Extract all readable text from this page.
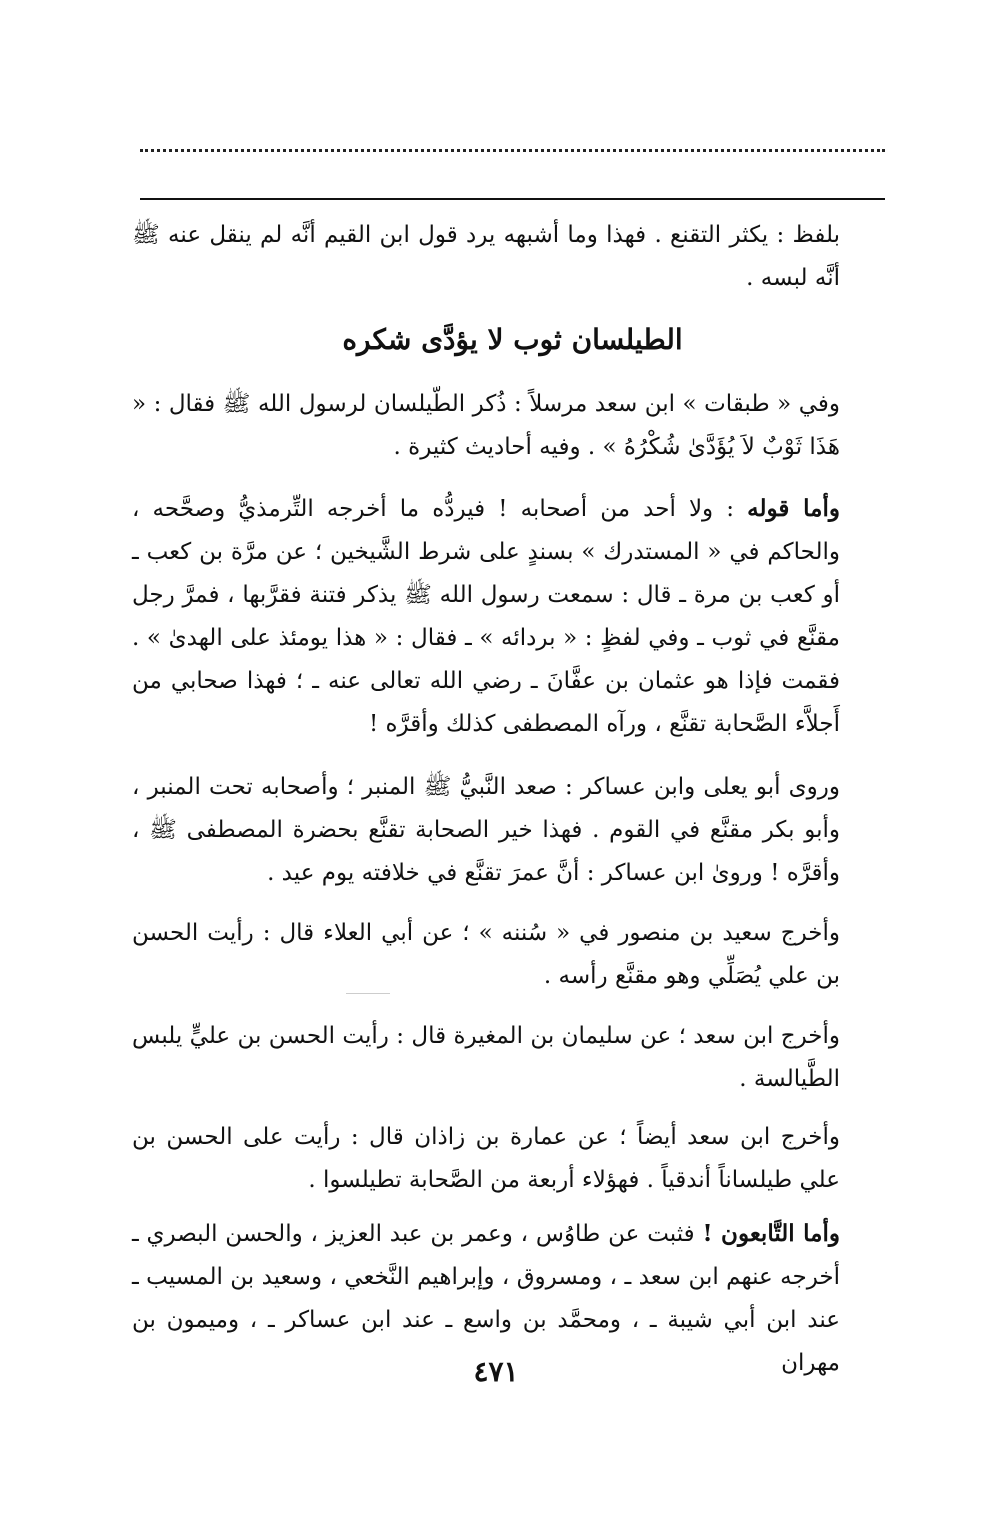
بلفظ : يكثر التقنع . فهذا وما أشبهه يرد قول ابن القيم أنَّه لم ينقل عنه ﷺ أنَّه لبسه .

الطيلسان ثوب لا يؤدَّى شكره

وفي « طبقات » ابن سعد مرسلاً : ذُكر الطّيلسان لرسول الله ﷺ فقال : « هَذَا ثَوْبٌ لاَ يُؤَدَّىٰ شُكْرُهُ » . وفيه أحاديث كثيرة .

وأما قوله : ولا أحد من أصحابه ! فيردُّه ما أخرجه التِّرمذيُّ وصحَّحه ، والحاكم في « المستدرك » بسندٍ على شرط الشَّيخين ؛ عن مرَّة بن كعب ـ أو كعب بن مرة ـ قال : سمعت رسول الله ﷺ يذكر فتنة فقرَّبها ، فمرَّ رجل مقنَّع في ثوب ـ وفي لفظٍ : « بردائه » ـ فقال : « هذا يومئذ على الهدىٰ » . فقمت فإذا هو عثمان بن عفَّانَ ـ رضي الله تعالى عنه ـ ؛ فهذا صحابي من أَجلاَّء الصَّحابة تقنَّع ، ورآه المصطفى كذلك وأقرَّه !

وروى أبو يعلى وابن عساكر : صعد النَّبيُّ ﷺ المنبر ؛ وأصحابه تحت المنبر ، وأبو بكر مقنَّع في القوم . فهذا خير الصحابة تقنَّع بحضرة المصطفى ﷺ ، وأقرَّه ! ورویٰ ابن عساكر : أنَّ عمرَ تقنَّع في خلافته يوم عيد .

وأخرج سعيد بن منصور في « سُننه » ؛ عن أبي العلاء قال : رأيت الحسن بن علي يُصَلِّي وهو مقنَّع رأسه .

وأخرج ابن سعد ؛ عن سليمان بن المغيرة قال : رأيت الحسن بن عليٍّ يلبس الطَّيالسة .

وأخرج ابن سعد أيضاً ؛ عن عمارة بن زاذان قال : رأيت على الحسن بن علي طيلساناً أندقياً . فهؤلاء أربعة من الصَّحابة تطيلسوا .

وأما التَّابعون ! فثبت عن طاوُس ، وعمر بن عبد العزيز ، والحسن البصري ـ أخرجه عنهم ابن سعد ـ ، ومسروق ، وإبراهيم النَّخعي ، وسعيد بن المسيب ـ عند ابن أبي شيبة ـ ، ومحمَّد بن واسع ـ عند ابن عساكر ـ ، وميمون بن مهران

٤٧١
